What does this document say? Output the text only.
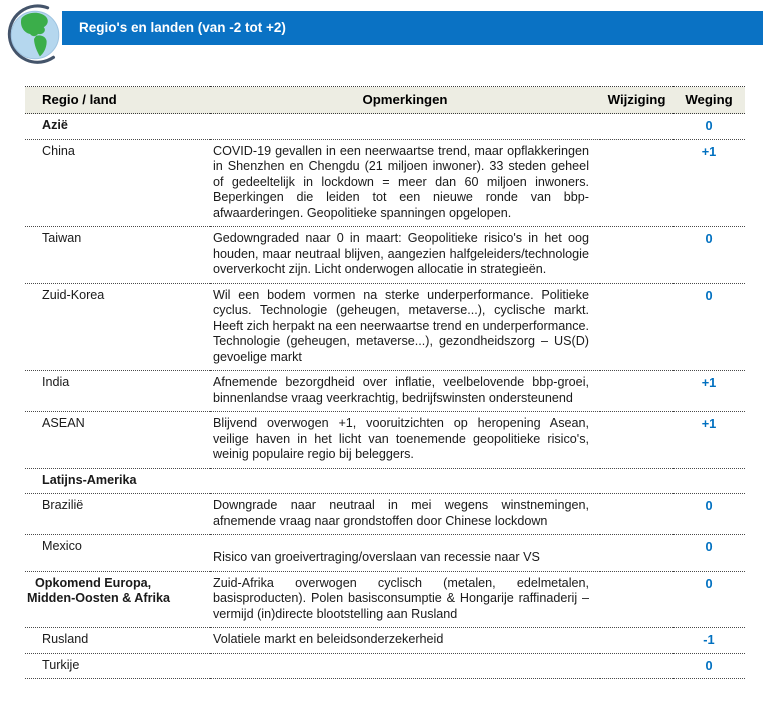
Regio's en landen (van -2 tot +2)
Regio / land	Opmerkingen	Wijziging	Weging
Azië			0
China	COVID-19 gevallen in een neerwaartse trend, maar opflakkeringen in Shenzhen en Chengdu (21 miljoen inwoner). 33 steden geheel of gedeeltelijk in lockdown = meer dan 60 miljoen inwoners. Beperkingen die leiden tot een nieuwe ronde van bbp-afwaarderingen. Geopolitieke spanningen opgelopen.		+1
Taiwan	Gedowngraded naar 0 in maart: Geopolitieke risico's in het oog houden, maar neutraal blijven, aangezien halfgeleiders/technologie oververkocht zijn. Licht onderwogen allocatie in strategieën.		0
Zuid-Korea	Wil een bodem vormen na sterke underperformance. Politieke cyclus. Technologie (geheugen, metaverse...), cyclische markt. Heeft zich herpakt na een neerwaartse trend en underperformance. Technologie (geheugen, metaverse...), gezondheidszorg – US(D) gevoelige markt		0
India	Afnemende bezorgdheid over inflatie, veelbelovende bbp-groei, binnenlandse vraag veerkrachtig, bedrijfswinsten ondersteunend		+1
ASEAN	Blijvend overwogen +1, vooruitzichten op heropening Asean, veilige haven in het licht van toenemende geopolitieke risico's, weinig populaire regio bij beleggers.		+1
Latijns-Amerika			
Brazilië	Downgrade naar neutraal in mei wegens winstnemingen, afnemende vraag naar grondstoffen door Chinese lockdown		0
Mexico	Risico van groeivertraging/overslaan van recessie naar VS		0
Opkomend Europa, Midden-Oosten & Afrika	Zuid-Afrika overwogen cyclisch (metalen, edelmetalen, basisproducten). Polen basisconsumptie & Hongarije raffinaderij – vermijd (in)directe blootstelling aan Rusland		0
Rusland	Volatiele markt en beleidsonderzekerheid		-1
Turkije			0
